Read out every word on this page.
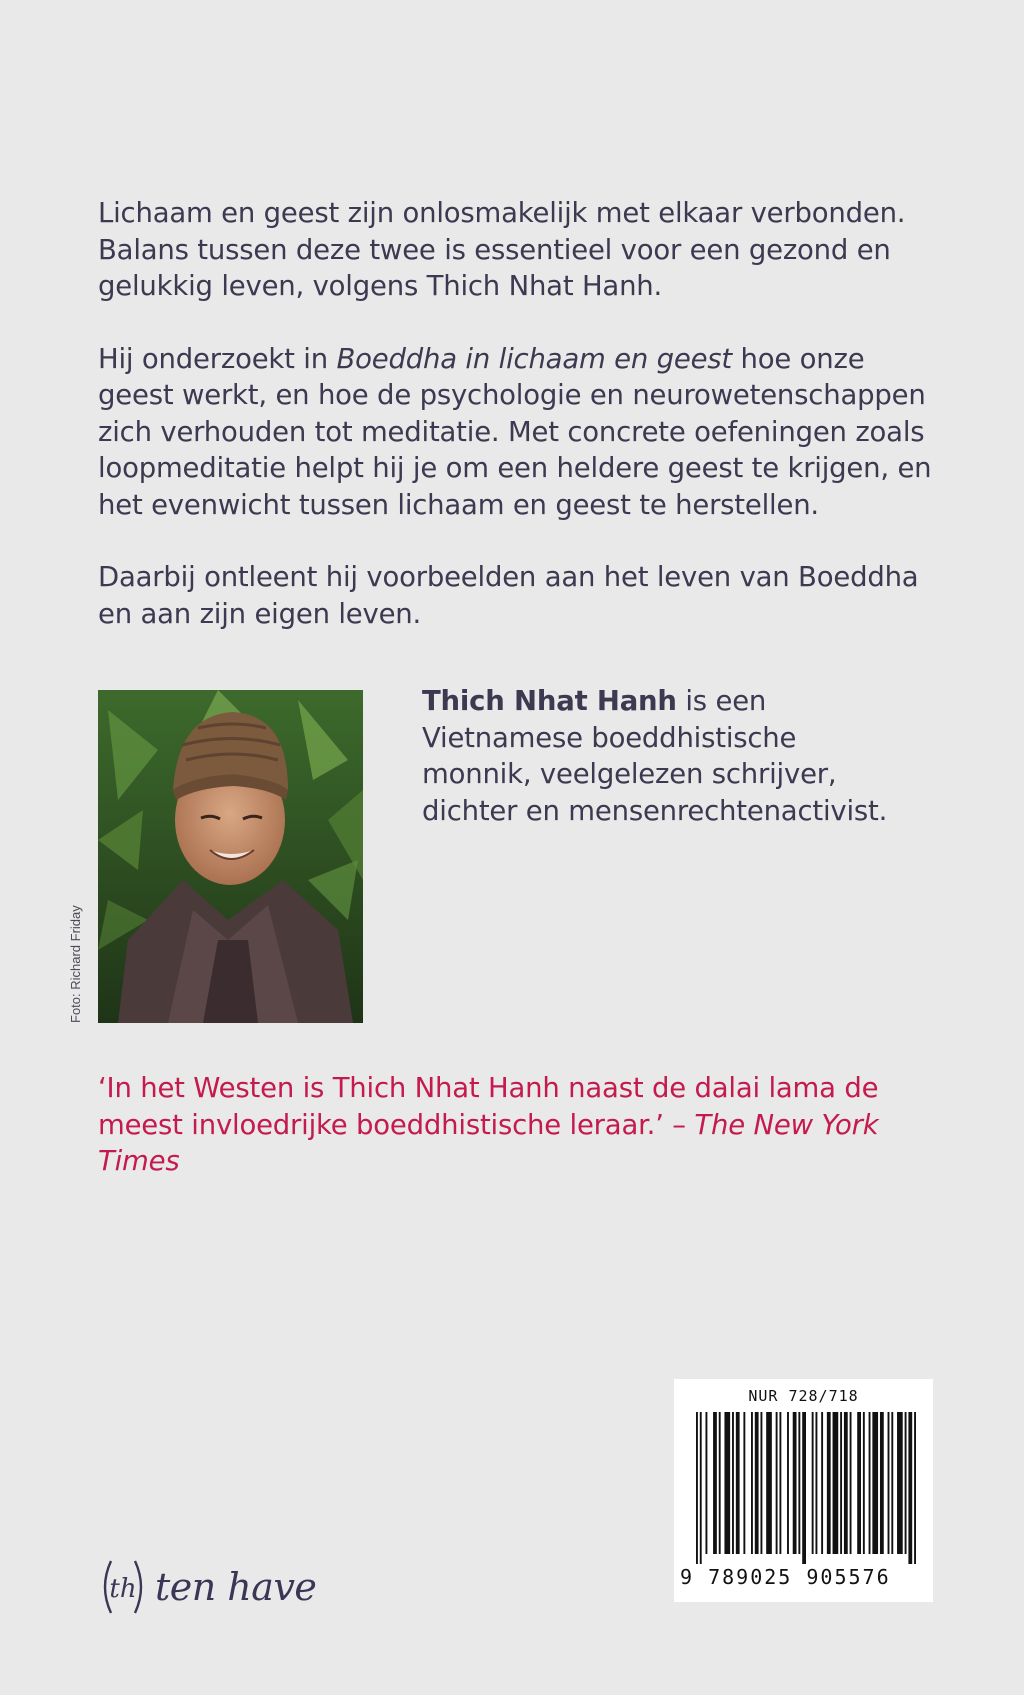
Lichaam en geest zijn onlosmakelijk met elkaar verbonden. Balans tussen deze twee is essentieel voor een gezond en gelukkig leven, volgens Thich Nhat Hanh.

Hij onderzoekt in Boeddha in lichaam en geest hoe onze geest werkt, en hoe de psychologie en neurowetenschappen zich verhouden tot meditatie. Met concrete oefeningen zoals loopmeditatie helpt hij je om een heldere geest te krijgen, en het evenwicht tussen lichaam en geest te herstellen.

Daarbij ontleent hij voorbeelden aan het leven van Boeddha en aan zijn eigen leven.

Foto: Richard Friday
Thich Nhat Hanh is een Vietnamese boeddhistische monnik, veelgelezen schrijver, dichter en mensenrechtenactivist.
‘In het Westen is Thich Nhat Hanh naast de dalai lama de meest invloedrijke boeddhistische leraar.’ – The New York Times
th ten have
NUR 728/718
9 789025 905576
